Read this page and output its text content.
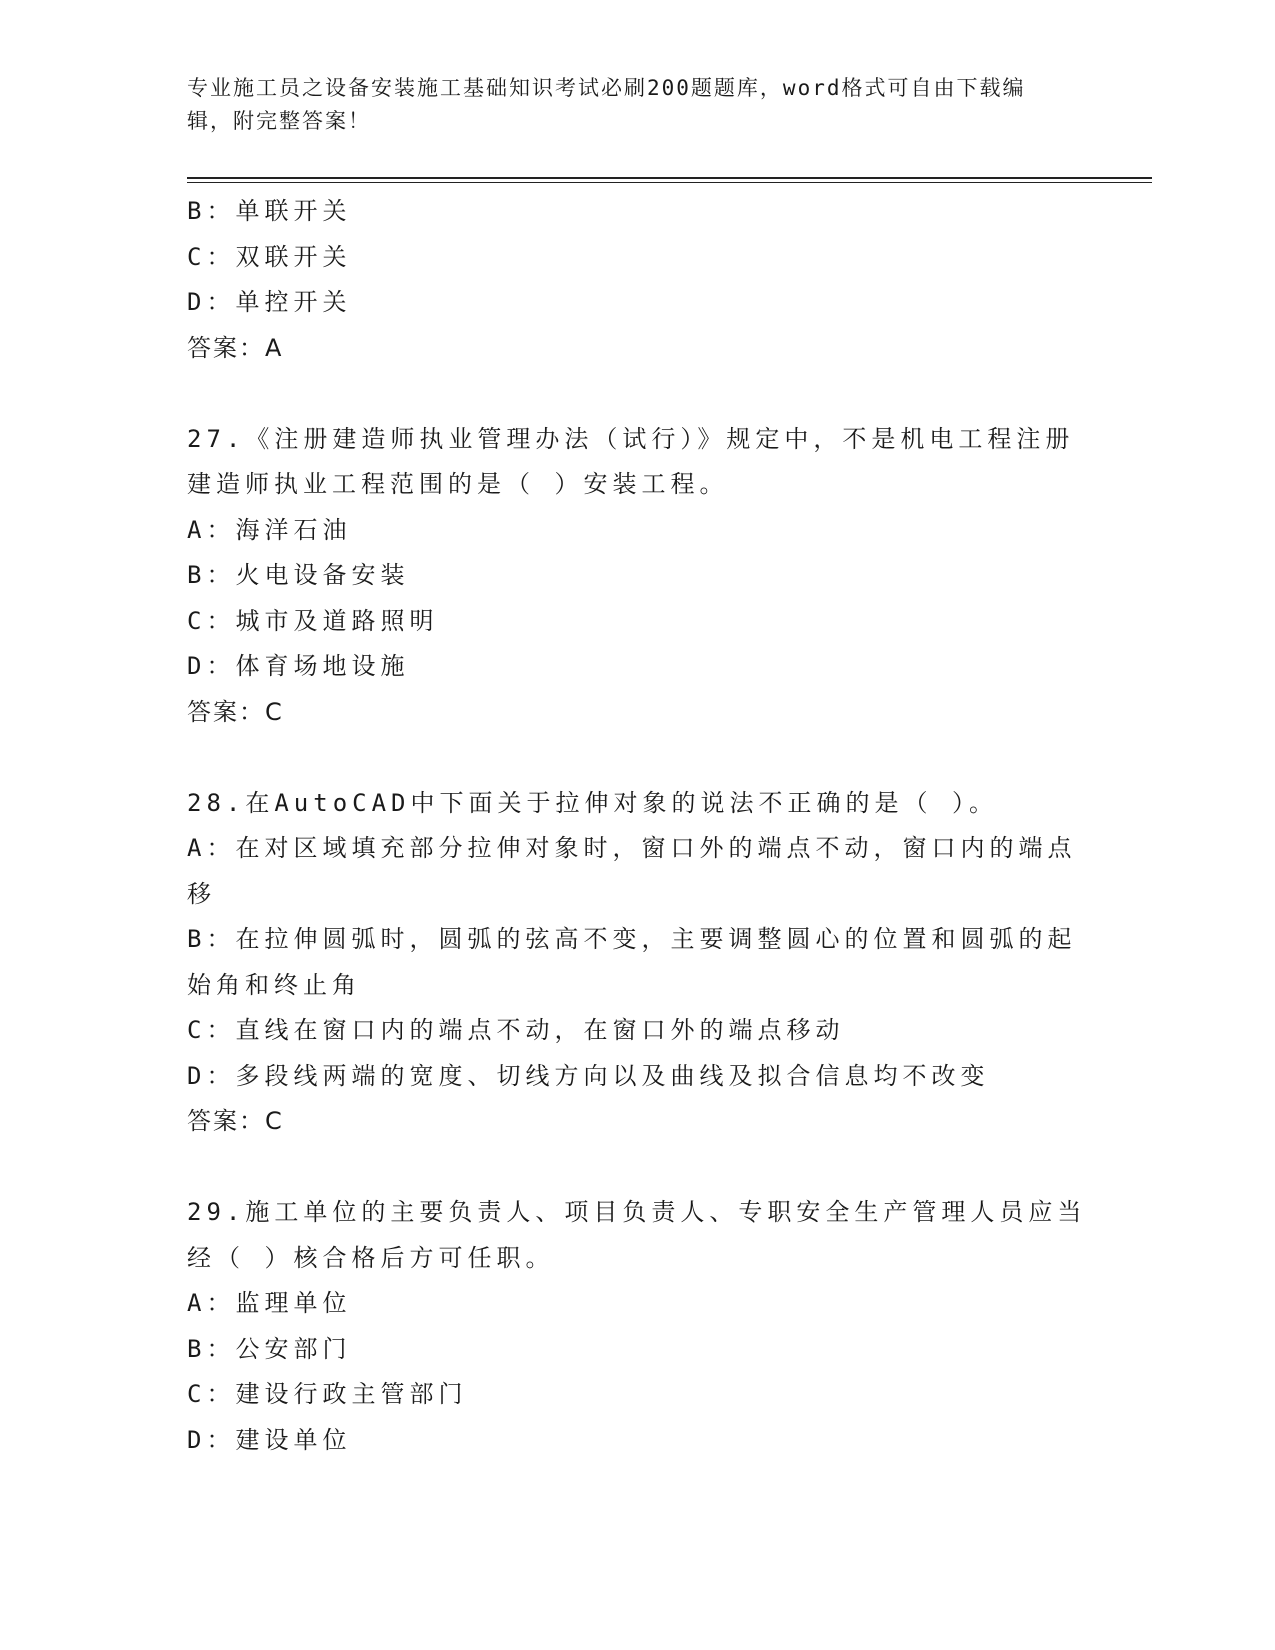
专业施工员之设备安装施工基础知识考试必刷200题题库，word格式可自由下载编辑，附完整答案！
B：单联开关
C：双联开关
D：单控开关
答案：A
27.《注册建造师执业管理办法（试行）》规定中，不是机电工程注册建造师执业工程范围的是（ ）安装工程。
A：海洋石油
B：火电设备安装
C：城市及道路照明
D：体育场地设施
答案：C
28.在AutoCAD中下面关于拉伸对象的说法不正确的是（ ）。
A：在对区域填充部分拉伸对象时，窗口外的端点不动，窗口内的端点移
B：在拉伸圆弧时，圆弧的弦高不变，主要调整圆心的位置和圆弧的起始角和终止角
C：直线在窗口内的端点不动，在窗口外的端点移动
D：多段线两端的宽度、切线方向以及曲线及拟合信息均不改变
答案：C
29.施工单位的主要负责人、项目负责人、专职安全生产管理人员应当经（ ）核合格后方可任职。
A：监理单位
B：公安部门
C：建设行政主管部门
D：建设单位
